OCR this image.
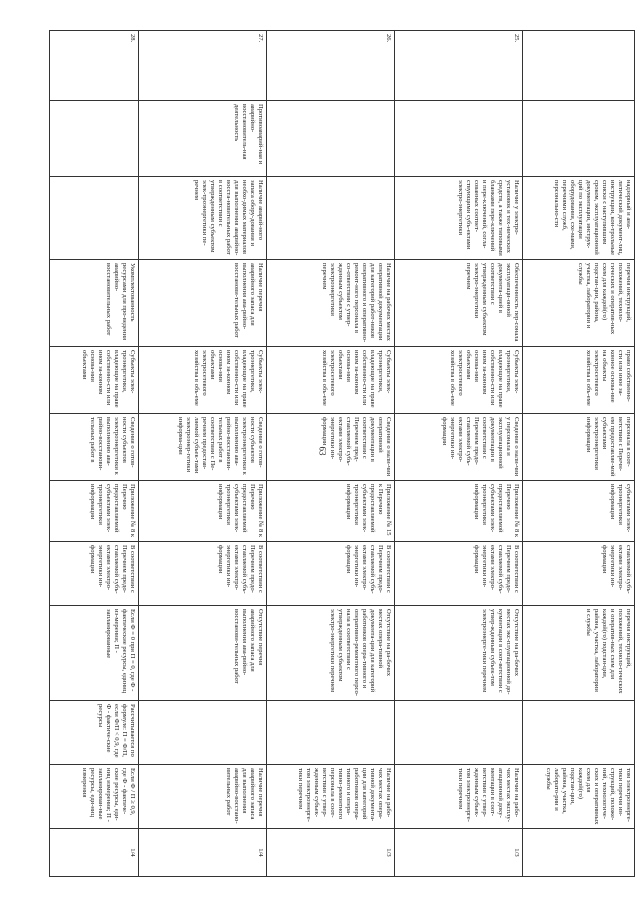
63
		надзорный и ана-литический документ-лиц, инструкции, кон-трольные списки с наступившим сроком, эксплуатационной документации, инструк-ций по эксплуатации оборудования, схе-мами, перечнями служб, персонально-сти	перечня инструкций, положений, техноло-гических и оператив-ных схем для каждой(го) подстан-ции, района, участка, лаборатории и службы	право собственно-сти или иное за-конное основа-ние на объекты электросетевого хозяйства в объ-еме	персонала в соот-ветствии с Перечн-ем предоставляе-мой субъектами электроэнергетики информации	субъектами элек-троэнергетики информации	ставляемой субъ-ектами электро-энергетики ин-формации	перечня инструкций, положений, техноло-гических и оператив-ных схем для каждой(го) подстан-ции, района, участка, лаборатории и службы		том электроэнерге-тики перечня ин-струкций, положе-ний, технологиче-ских и оперативных схем для каждой(го) подстан-ции, района, участка, лаборато-рии и службы	
25.		Наличие у электро-установок и тех-нических средств, а также типовыми бланками пере-ключений и пере-ключений, согла-сованных соответ-ствующими субъ-ектами электро-энергетики	Обеспеченность пер-сонала эксплуатаци-онной документа-цией в соответствии с утвержденным субъектом электро-энергетики перечнем	Субъекты элек-троэнергетики, владеющие на праве собственно-сти или ином за-конном основа-нии объектами электросетевого хозяйства в объ-еме	Сведения о нали-чии у персонала и эксплуатационной документации в соответствии с Перечнем предо-ставляемой субъ-ектами электро-энергетики ин-формации	Приложение № 8 к Перечню предоставляемой субъектами элек-троэнергетики информации	В соответствии с Перечнем предо-ставляемой субъ-ектами электро-энергетики ин-формации	Отсутствие на ра-бочих местах экс-плуатационной до-кументации в соот-ветствии с утвер-жденным субъек-том электроэнерге-тики перечнем		Наличие на рабо-чих местах эксплу-атационной доку-ментации в соот-ветствии с утвер-жденным субъек-том электроэнерге-тики перечнем	1/3
26.			Наличие на рабочих местах оперативной документации для категорий работ-ников оперативного и оперативно-ремонт-ного персонала в со-ответствии с утвер-жденным субъектом электроэнергетики перечнем	Субъекты элек-троэнергетики, владеющие на праве собственно-сти или ином за-конном основа-нии объектами электросетевого хозяйства в объ-еме	Сведения о нали-чии оперативной документации в соответствии с Перечнем пред-ставляемой субъ-ектами электро-энергетики ин-формации	Приложение № 15 к Перечню предоставляемой субъектами элек-троэнергетики информации	В соответствии с Перечнем предо-ставляемой субъ-ектами электро-энергетики ин-формации	Отсутствие на ра-бочих местах опера-тивной документа-ции для категорий работников опера-тивного и оперативно-ремонтного персо-нала в соответствии с утвержденным субъектом электро-энергетики перечнем		Наличие на рабо-чих местах опера-тивной документа-ции для категорий работников опера-тивного и опера-тивно-ремонтного персонала в соот-ветствии с утвер-жденным субъек-том электроэнерге-тики перечнем	1/3
27.	Противоаварий-ная и аварийно-восстановитель-ная деятельность	Наличие аварий-ного запаса обору-дования и необхо-димых материалов для выполнения аварийно-восста-новительных работ в соответствии с утвержденным субъектом элек-троэнергетики пе-речнем	Наличие перечня аварийного запаса для выполнения ава-рийно-восстанови-тельных работ	Субъекты элек-троэнергетики, владеющие на праве собственно-сти или ином за-конном основа-нии объектами электросетевого хозяйства в объ-еме	Сведения о готов-ности субъектов электроэнергетики к выполнению ава-рийно-восстанови-тельных работ в соответствии с Пе-речнем предостав-ляемой субъек-тами электроэнер-гетики информа-ции	Приложение № 8 к Перечню предоставляемой субъектами элек-троэнергетики информации	В соответствии с Перечнем предо-ставляемой субъ-ектами электро-энергетики ин-формации	Отсутствие перечня аварийного запаса для выполнения ава-рийно-восстанови-тельных работ		Наличие перечня аварийного запаса для выполнения аварийно-восстано-вительных работ	1/4
28.			Укомплектованность ресурсами для про-ведения аварийно-восстановительных работ	Субъекты элек-троэнергетики, владеющие на праве собственно-сти или ином за-конном основа-нии объектами	Сведения о готов-ности субъектов электроэнергетики к выполнению ава-рийно-восстанови-тельных работ в	Приложение № 8 к Перечню предоставляемой субъектами элек-троэнергетики информации	В соответствии с Перечнем предо-ставляемой субъ-ектами электро-энергетики ин-формации	Если Ф = 0 при П = 0, где Ф - фактические ресурсы, единиц из-мерения; П - запланированные	Рассчитывается по формуле: П = Ф/П, если Ф/П < 0,9, где Ф - фактиче-ские ресурсы	Если Ф / П ≥ 0,9, где Ф - фактиче-ские ресурсы, еди-ниц измерения; П - запланирован-ные ресурсы, еди-ниц измерения	1/4
